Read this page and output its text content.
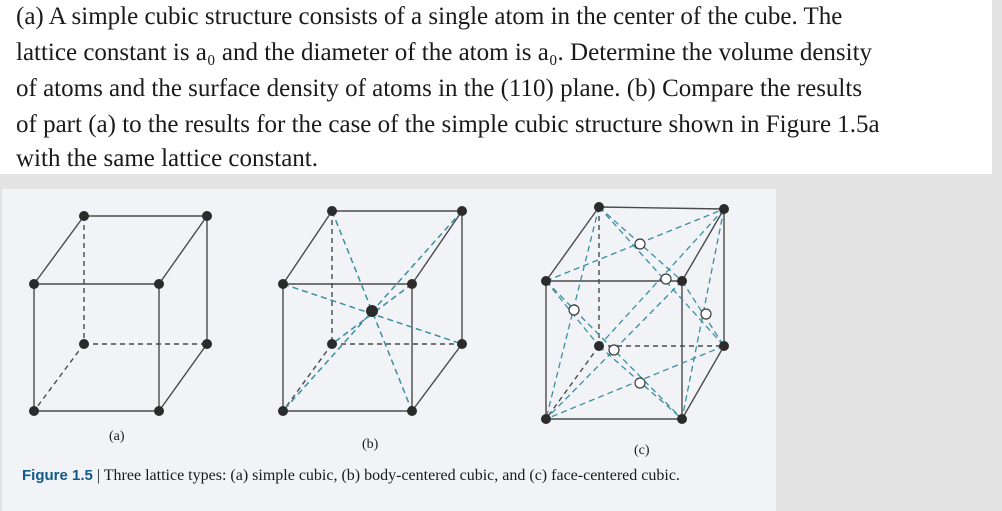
(a) A simple cubic structure consists of a single atom in the center of the cube. The
lattice constant is a₀ and the diameter of the atom is a₀. Determine the volume density
of atoms and the surface density of atoms in the (110) plane. (b) Compare the results
of part (a) to the results for the case of the simple cubic structure shown in Figure 1.5a
with the same lattice constant.
(a)
(b)	(c)
Figure 1.5 | Three lattice types: (a) simple cubic, (b) body-centered cubic, and (c) face-centered cubic.
